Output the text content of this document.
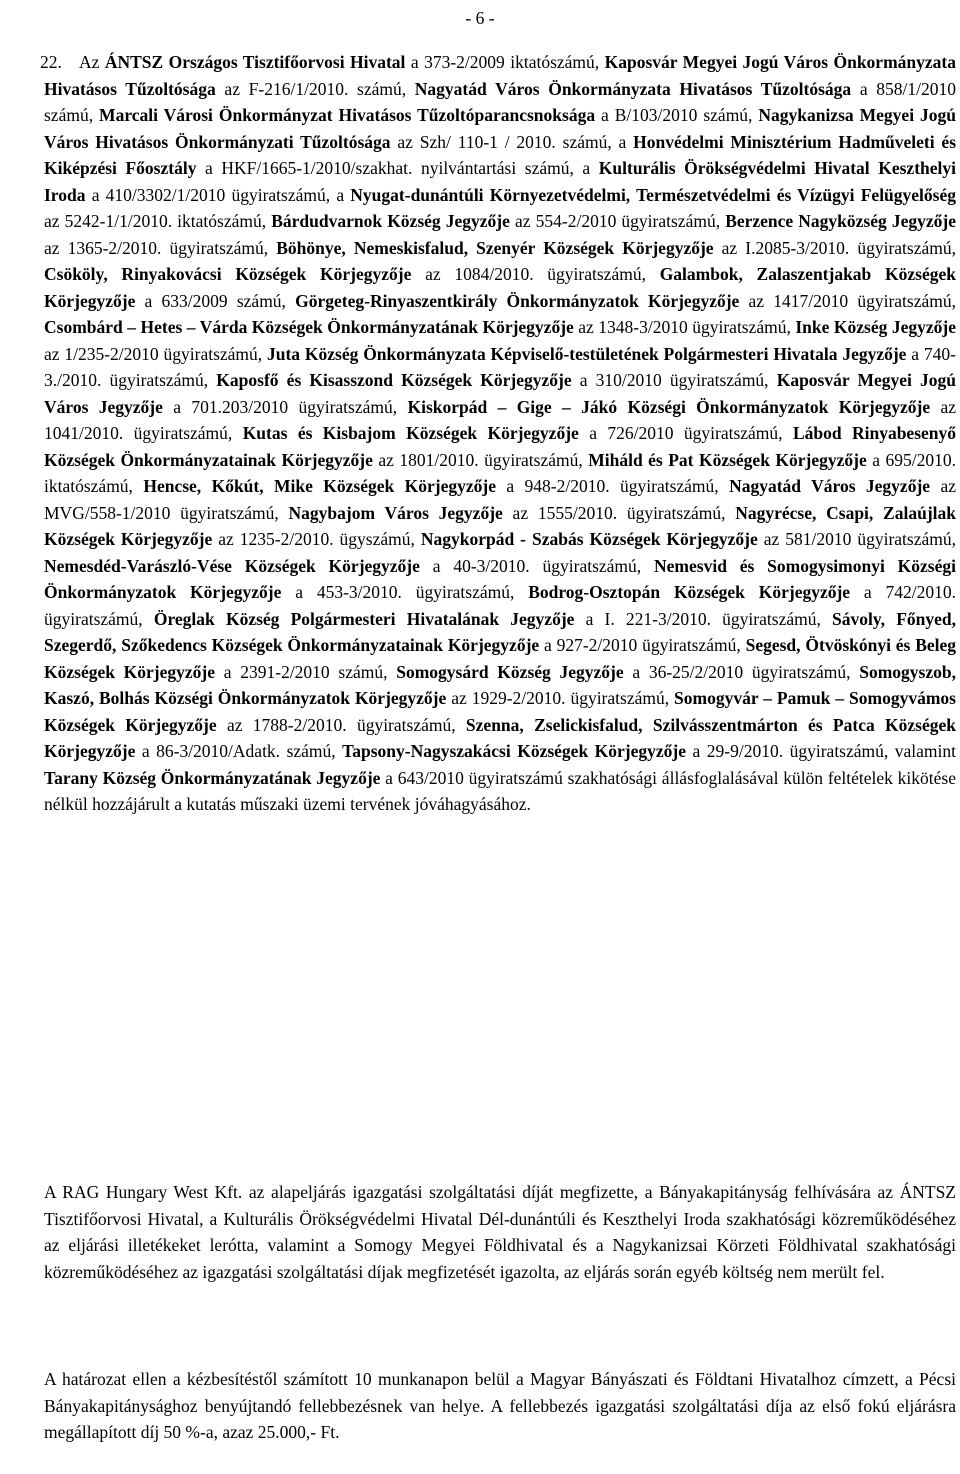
- 6 -

22. Az ÁNTSZ Országos Tisztifőorvosi Hivatal a 373-2/2009 iktatószámú, Kaposvár Megyei Jogú Város Önkormányzata Hivatásos Tűzoltósága az F-216/1/2010. számú, Nagyatád Város Önkormányzata Hivatásos Tűzoltósága a 858/1/2010 számú, Marcali Városi Önkormányzat Hivatásos Tűzoltóparancsnoksága a B/103/2010 számú, Nagykanizsa Megyei Jogú Város Hivatásos Önkormányzati Tűzoltósága az Szh/ 110-1 / 2010. számú, a Honvédelmi Minisztérium Hadműveleti és Kiképzési Főosztály a HKF/1665-1/2010/szakhat. nyilvántartási számú, a Kulturális Örökségvédelmi Hivatal Keszthelyi Iroda a 410/3302/1/2010 ügyiratszámú, a Nyugat-dunántúli Környezetvédelmi, Természetvédelmi és Vízügyi Felügyelőség az 5242-1/1/2010. iktatószámú, Bárdudvarnok Község Jegyzője az 554-2/2010 ügyiratszámú, Berzence Nagyközség Jegyzője az 1365-2/2010. ügyiratszámú, Böhönye, Nemeskisfalud, Szenyér Községek Körjegyzője az I.2085-3/2010. ügyiratszámú, Csököly, Rinyakovácsi Községek Körjegyzője az 1084/2010. ügyiratszámú, Galambok, Zalaszentjakab Községek Körjegyzője a 633/2009 számú, Görgeteg-Rinyaszentkirály Önkormányzatok Körjegyzője az 1417/2010 ügyiratszámú, Csombárd – Hetes – Várda Községek Önkormányzatának Körjegyzője az 1348-3/2010 ügyiratszámú, Inke Község Jegyzője az 1/235-2/2010 ügyiratszámú, Juta Község Önkormányzata Képviselő-testületének Polgármesteri Hivatala Jegyzője a 740-3./2010. ügyiratszámú, Kaposfő és Kisasszond Községek Körjegyzője a 310/2010 ügyiratszámú, Kaposvár Megyei Jogú Város Jegyzője a 701.203/2010 ügyiratszámú, Kiskorpád – Gige – Jákó Községi Önkormányzatok Körjegyzője az 1041/2010. ügyiratszámú, Kutas és Kisbajom Községek Körjegyzője a 726/2010 ügyiratszámú, Lábod Rinyabesenyő Községek Önkormányzatainak Körjegyzője az 1801/2010. ügyiratszámú, Miháld és Pat Községek Körjegyzője a 695/2010. iktatószámú, Hencse, Kőkút, Mike Községek Körjegyzője a 948-2/2010. ügyiratszámú, Nagyatád Város Jegyzője az MVG/558-1/2010 ügyiratszámú, Nagybajom Város Jegyzője az 1555/2010. ügyiratszámú, Nagyrécse, Csapi, Zalaújlak Községek Körjegyzője az 1235-2/2010. ügyszámú, Nagykorpád - Szabás Községek Körjegyzője az 581/2010 ügyiratszámú, Nemesdéd-Varászló-Vése Községek Körjegyzője a 40-3/2010. ügyiratszámú, Nemesvid és Somogysimonyi Községi Önkormányzatok Körjegyzője a 453-3/2010. ügyiratszámú, Bodrog-Osztopán Községek Körjegyzője a 742/2010. ügyiratszámú, Öreglak Község Polgármesteri Hivatalának Jegyzője a I. 221-3/2010. ügyiratszámú, Sávoly, Főnyed, Szegerdő, Szőkedencs Községek Önkormányzatainak Körjegyzője a 927-2/2010 ügyiratszámú, Segesd, Ötvöskónyi és Beleg Községek Körjegyzője a 2391-2/2010 számú, Somogysárd Község Jegyzője a 36-25/2/2010 ügyiratszámú, Somogyszob, Kaszó, Bolhás Községi Önkormányzatok Körjegyzője az 1929-2/2010. ügyiratszámú, Somogyvár – Pamuk – Somogyvámos Községek Körjegyzője az 1788-2/2010. ügyiratszámú, Szenna, Zselickisfalud, Szilvásszentmárton és Patca Községek Körjegyzője a 86-3/2010/Adatk. számú, Tapsony-Nagyszakácsi Községek Körjegyzője a 29-9/2010. ügyiratszámú, valamint Tarany Község Önkormányzatának Jegyzője a 643/2010 ügyiratszámú szakhatósági állásfoglalásával külön feltételek kikötése nélkül hozzájárult a kutatás műszaki üzemi tervének jóváhagyásához.

A RAG Hungary West Kft. az alapeljárás igazgatási szolgáltatási díját megfizette, a Bányakapitányság felhívására az ÁNTSZ Tisztifőorvosi Hivatal, a Kulturális Örökségvédelmi Hivatal Dél-dunántúli és Keszthelyi Iroda szakhatósági közreműködéséhez az eljárási illetékeket lerótta, valamint a Somogy Megyei Földhivatal és a Nagykanizsai Körzeti Földhivatal szakhatósági közreműködéséhez az igazgatási szolgáltatási díjak megfizetését igazolta, az eljárás során egyéb költség nem merült fel.

A határozat ellen a kézbesítéstől számított 10 munkanapon belül a Magyar Bányászati és Földtani Hivatalhoz címzett, a Pécsi Bányakapitánysághoz benyújtandó fellebbezésnek van helye. A fellebbezés igazgatási szolgáltatási díja az első fokú eljárásra megállapított díj 50 %-a, azaz 25.000,- Ft.
